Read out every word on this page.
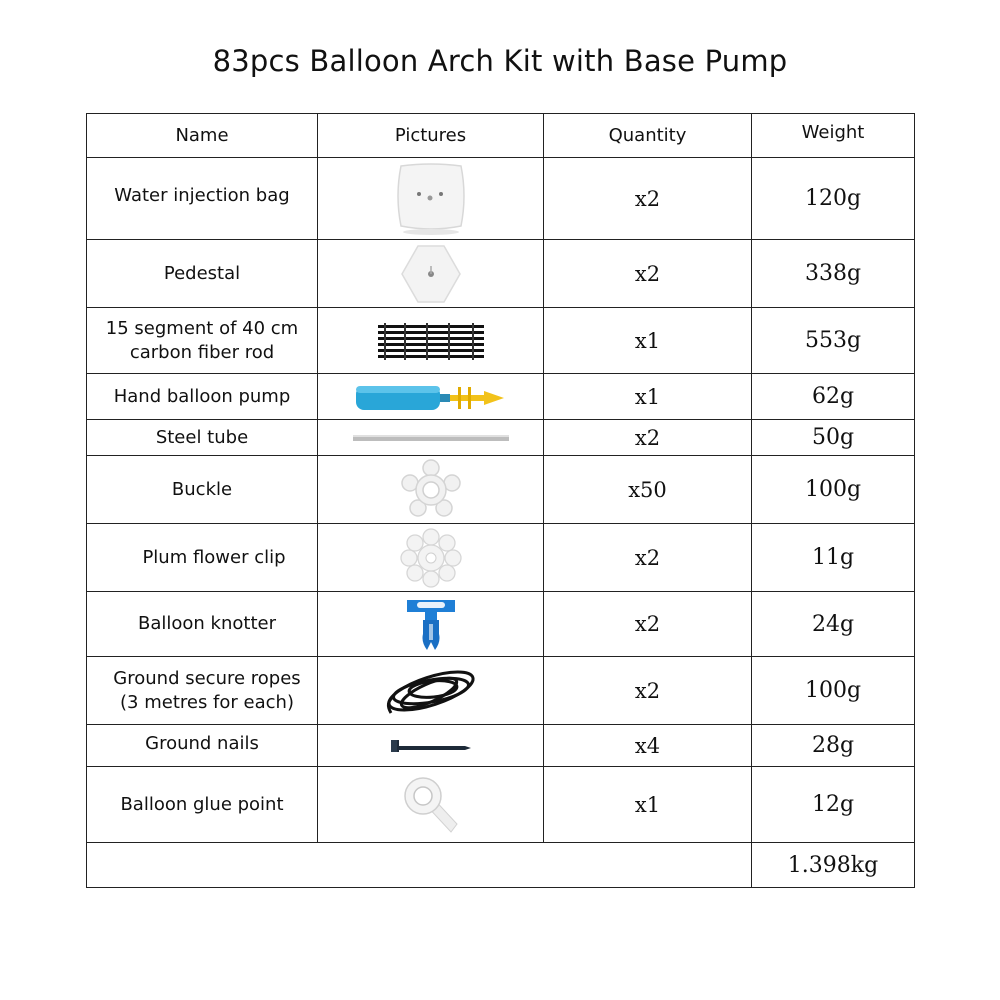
83pcs Balloon Arch Kit with Base Pump
Name	Pictures	Quantity	Weight
Water injection bag		x2	120g
Pedestal		x2	338g

15 segment of 40 cm
carbon fiber rod		x1	553g
Hand balloon pump		x1	62g
Steel tube		x2	50g
Buckle		x50	100g
Plum flower clip		x2	11g
Balloon knotter		x2	24g

Ground secure ropes
(3 metres for each)		x2	100g
Ground nails		x4	28g
Balloon glue point		x1	12g
			1.398kg
